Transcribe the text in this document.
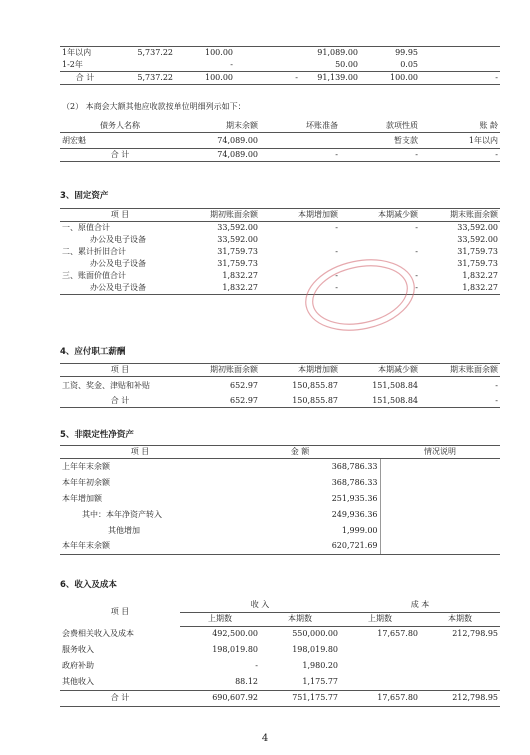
1年以内	5,737.22	100.00		91,089.00	99.95	
1-2年		-		50.00	0.05	
合 计	5,737.22	100.00	-	91,139.00	100.00	-
（2） 本商会大额其他应收款按单位明细列示如下：
债务人名称	期末余额	坏账准备	款项性质	账 龄
胡宏魁	74,089.00		暂支款	1年以内
合 计	74,089.00	-	-	-
3、固定资产
项 目	期初账面余额	本期增加额	本期减少额	期末账面余额
一、原值合计	33,592.00	-	-	33,592.00
办公及电子设备	33,592.00			33,592.00
二、累计折旧合计	31,759.73	-	-	31,759.73
办公及电子设备	31,759.73			31,759.73
三、账面价值合计	1,832.27	-	-	1,832.27
办公及电子设备	1,832.27	-	-	1,832.27
4、应付职工薪酬
项 目	期初账面余额	本期增加额	本期减少额	期末账面余额
工资、奖金、津贴和补贴	652.97	150,855.87	151,508.84	-
合 计	652.97	150,855.87	151,508.84	-
5、非限定性净资产
项 目	金 额	情况说明
上年年末余额	368,786.33	
本年年初余额	368,786.33	
本年增加额	251,935.36	
其中：本年净资产转入	249,936.36	
其他增加	1,999.00	
本年年末余额	620,721.69	
6、收入及成本
项 目	收 入		成 本	
	上期数	本期数	上期数	本期数
会费相关收入及成本	492,500.00	550,000.00	17,657.80	212,798.95
服务收入	198,019.80	198,019.80		
政府补助	-	1,980.20		
其他收入	88.12	1,175.77		
合 计	690,607.92	751,175.77	17,657.80	212,798.95
4
